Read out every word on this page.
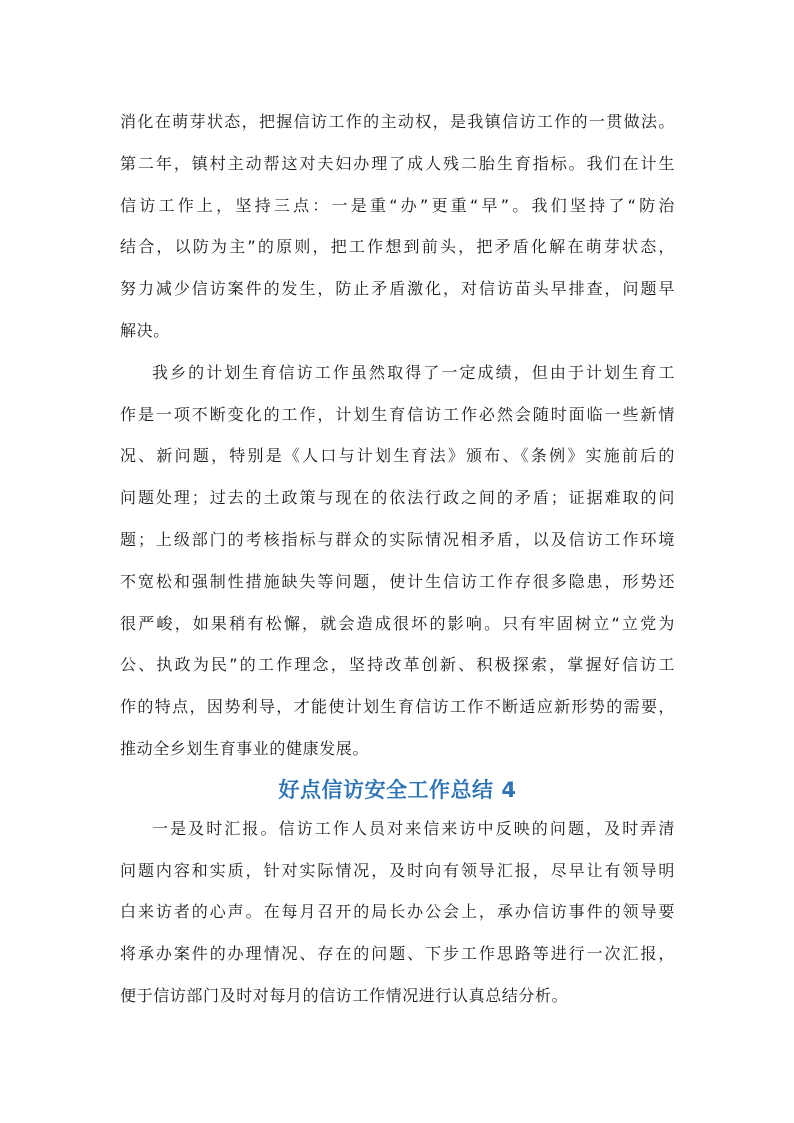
消化在萌芽状态，把握信访工作的主动权，是我镇信访工作的一贯做法。
第二年，镇村主动帮这对夫妇办理了成人残二胎生育指标。我们在计生
信访工作上，坚持三点：一是重“办”更重“早”。我们坚持了“防治
结合，以防为主”的原则，把工作想到前头，把矛盾化解在萌芽状态，
努力减少信访案件的发生，防止矛盾激化，对信访苗头早排查，问题早
解决。

我乡的计划生育信访工作虽然取得了一定成绩，但由于计划生育工
作是一项不断变化的工作，计划生育信访工作必然会随时面临一些新情
况、新问题，特别是《人口与计划生育法》颁布、《条例》实施前后的
问题处理；过去的土政策与现在的依法行政之间的矛盾；证据难取的问
题；上级部门的考核指标与群众的实际情况相矛盾，以及信访工作环境
不宽松和强制性措施缺失等问题，使计生信访工作存很多隐患，形势还
很严峻，如果稍有松懈，就会造成很坏的影响。只有牢固树立“立党为
公、执政为民”的工作理念，坚持改革创新、积极探索，掌握好信访工
作的特点，因势利导，才能使计划生育信访工作不断适应新形势的需要，
推动全乡划生育事业的健康发展。

好点信访安全工作总结 4

一是及时汇报。信访工作人员对来信来访中反映的问题，及时弄清
问题内容和实质，针对实际情况，及时向有领导汇报，尽早让有领导明
白来访者的心声。在每月召开的局长办公会上，承办信访事件的领导要
将承办案件的办理情况、存在的问题、下步工作思路等进行一次汇报，
便于信访部门及时对每月的信访工作情况进行认真总结分析。
